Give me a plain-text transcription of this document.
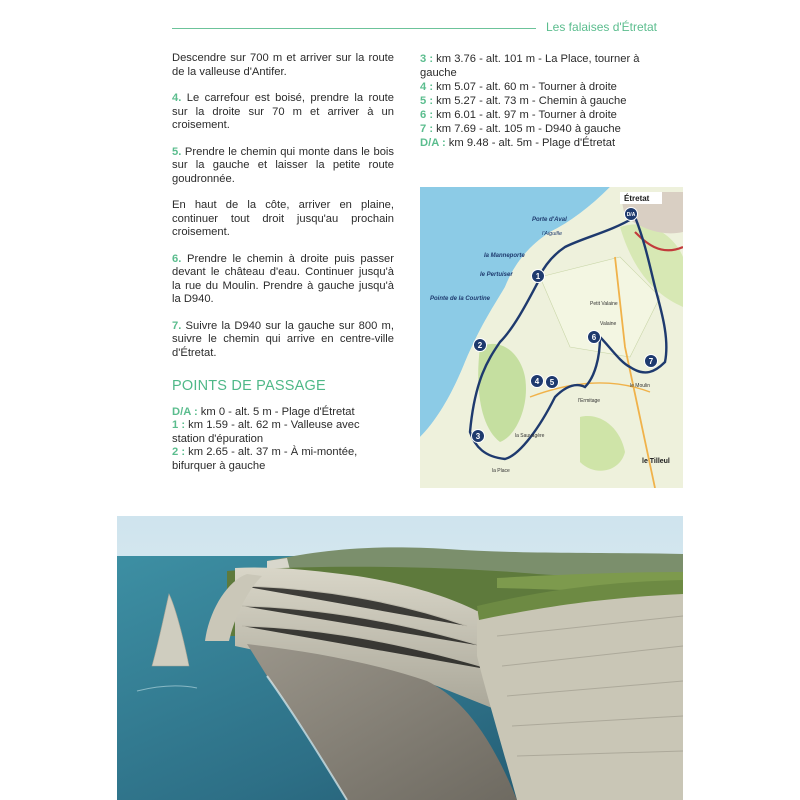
Les falaises d'Étretat

Descendre sur 700 m et arriver sur la route de la valleuse d'Antifer.

4. Le carrefour est boisé, prendre la route sur la droite sur 70 m et arriver à un croisement.

5. Prendre le chemin qui monte dans le bois sur la gauche et laisser la petite route goudronnée.

En haut de la côte, arriver en plaine, continuer tout droit jusqu'au prochain croisement.

6. Prendre le chemin à droite puis passer devant le château d'eau. Continuer jusqu'à la rue du Moulin. Prendre à gauche jusqu'à la D940.

7. Suivre la D940 sur la gauche sur 800 m, suivre le chemin qui arrive en centre-ville d'Étretat.

POINTS DE PASSAGE

D/A : km 0 - alt. 5 m - Plage d'Étretat

1 : km 1.59 - alt. 62 m - Valleuse avec station d'épuration

2 : km 2.65 - alt. 37 m - À mi-montée, bifurquer à gauche

3 : km 3.76 - alt. 101 m - La Place, tourner à gauche

4 : km 5.07 - alt. 60 m - Tourner à droite

5 : km 5.27 - alt. 73 m - Chemin à gauche

6 : km 6.01 - alt. 97 m - Tourner à droite

7 : km 7.69 - alt. 105 m - D940 à gauche

D/A : km 9.48 - alt. 5m - Plage d'Étretat

Étretat
Porte d'Aval
l'Aiguille
la Manneporte
le Pertuiser
Pointe de la Courtine
Petit Valaine
Valaine
le Moulin
l'Ermitage
la Sauvagère
la Place
le Tilleul
D/A
1
2
3
4 5
6
7
